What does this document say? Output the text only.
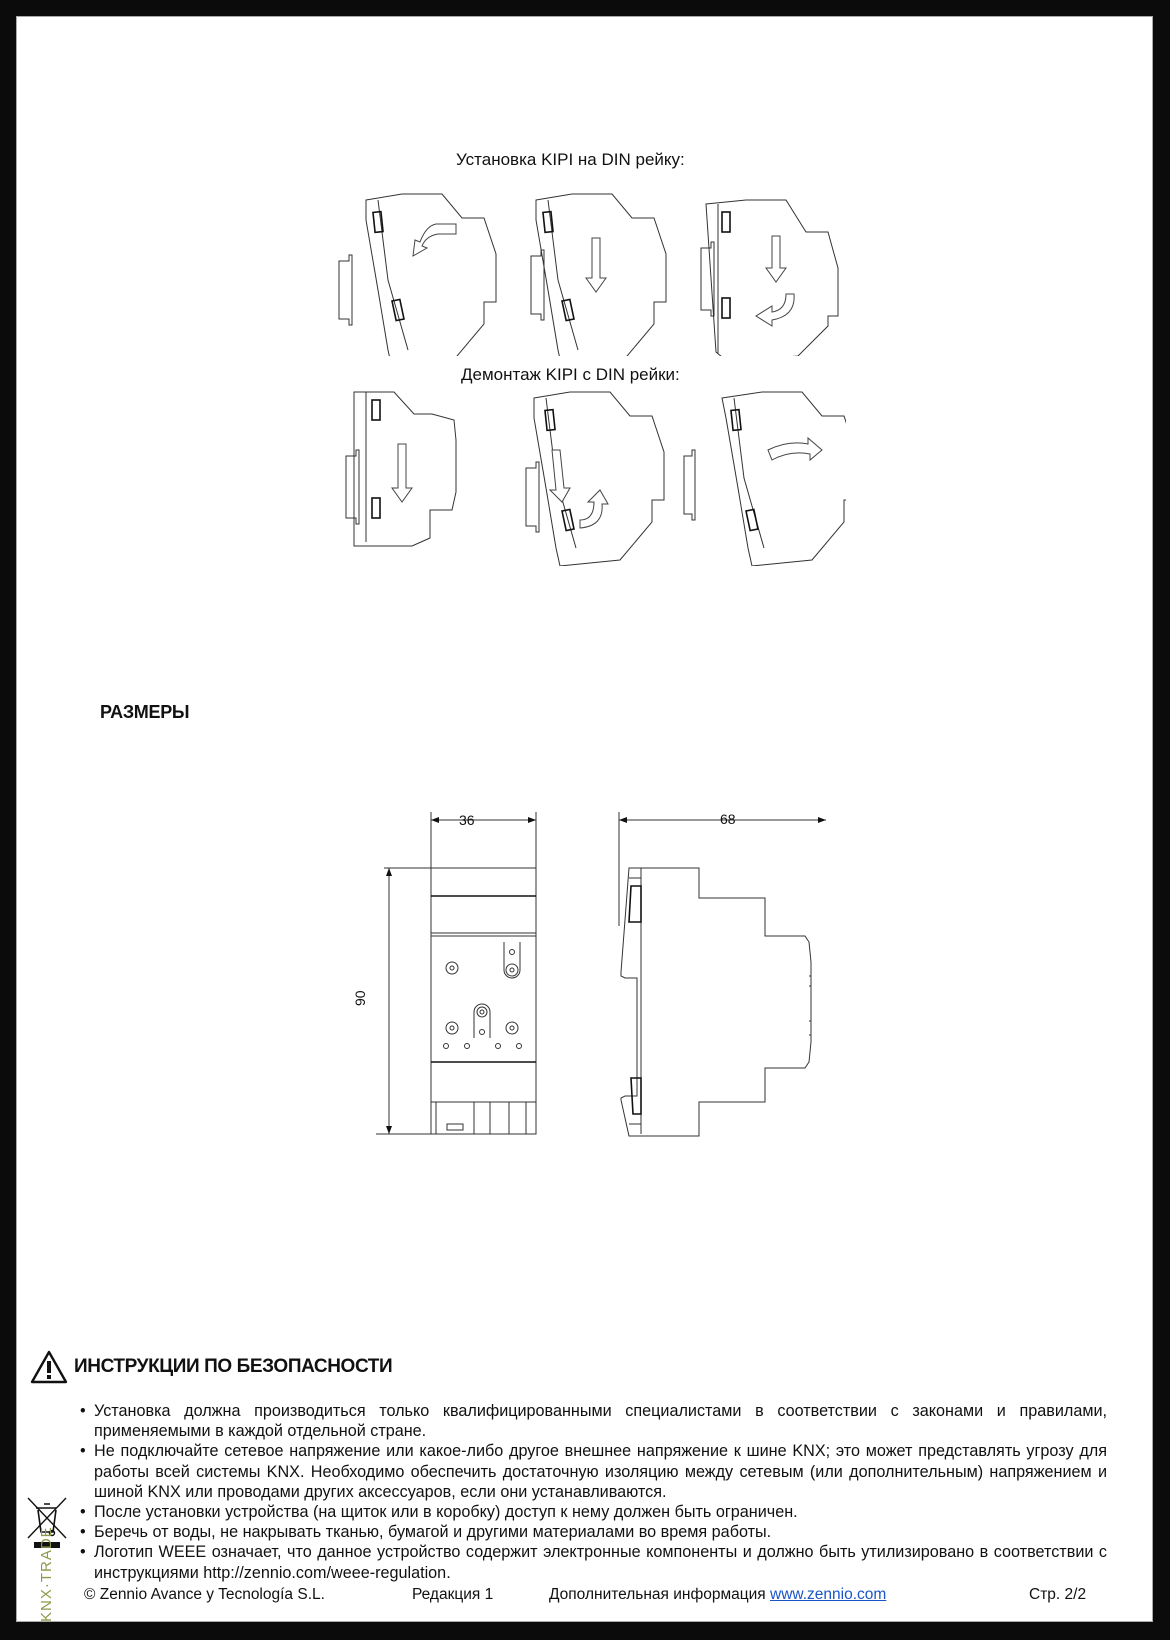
Установка KIPI на DIN рейку:
Демонтаж KIPI с DIN рейки:
РАЗМЕРЫ
36
90
68
ИНСТРУКЦИИ ПО БЕЗОПАСНОСТИ
• Установка должна производиться только квалифицированными специалистами в соответствии с законами и правилами, применяемыми в каждой отдельной стране.
• Не подключайте сетевое напряжение или какое-либо другое внешнее напряжение к шине KNX; это может представлять угрозу для работы всей системы KNX. Необходимо обеспечить достаточную изоляцию между сетевым (или дополнительным) напряжением и шиной KNX или проводами других аксессуаров, если они устанавливаются.
• После установки устройства (на щиток или в коробку) доступ к нему должен быть ограничен.
• Беречь от воды, не накрывать тканью, бумагой и другими материалами во время работы.
• Логотип WEEE означает, что данное устройство содержит электронные компоненты и должно быть утилизировано в соответствии с инструкциями http://zennio.com/weee-regulation.
KNX·TRADE © Zennio Avance y Tecnología S.L.	Редакция 1	Дополнительная информация www.zennio.com	Стр. 2/2
